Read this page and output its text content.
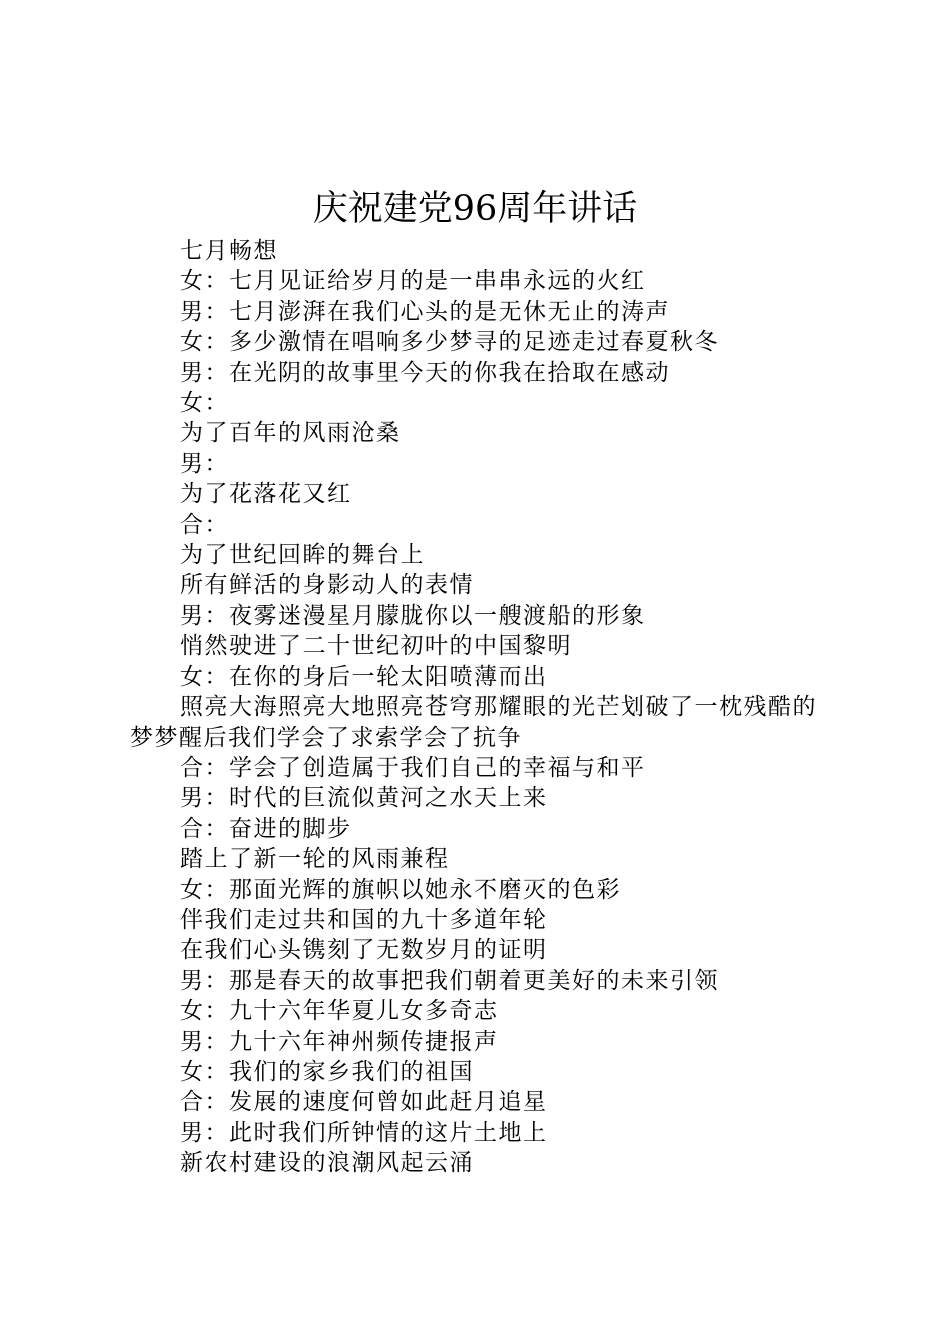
庆祝建党96周年讲话

七月畅想

女：七月见证给岁月的是一串串永远的火红

男：七月澎湃在我们心头的是无休无止的涛声

女：多少激情在唱响多少梦寻的足迹走过春夏秋冬

男：在光阴的故事里今天的你我在拾取在感动

女：

为了百年的风雨沧桑

男：

为了花落花又红

合：

为了世纪回眸的舞台上

所有鲜活的身影动人的表情

男：夜雾迷漫星月朦胧你以一艘渡船的形象

悄然驶进了二十世纪初叶的中国黎明

女：在你的身后一轮太阳喷薄而出

照亮大海照亮大地照亮苍穹那耀眼的光芒划破了一枕残酷的梦梦醒后我们学会了求索学会了抗争

合：学会了创造属于我们自己的幸福与和平

男：时代的巨流似黄河之水天上来

合：奋进的脚步

踏上了新一轮的风雨兼程

女：那面光辉的旗帜以她永不磨灭的色彩

伴我们走过共和国的九十多道年轮

在我们心头镌刻了无数岁月的证明

男：那是春天的故事把我们朝着更美好的未来引领

女：九十六年华夏儿女多奇志

男：九十六年神州频传捷报声

女：我们的家乡我们的祖国

合：发展的速度何曾如此赶月追星

男：此时我们所钟情的这片土地上

新农村建设的浪潮风起云涌
